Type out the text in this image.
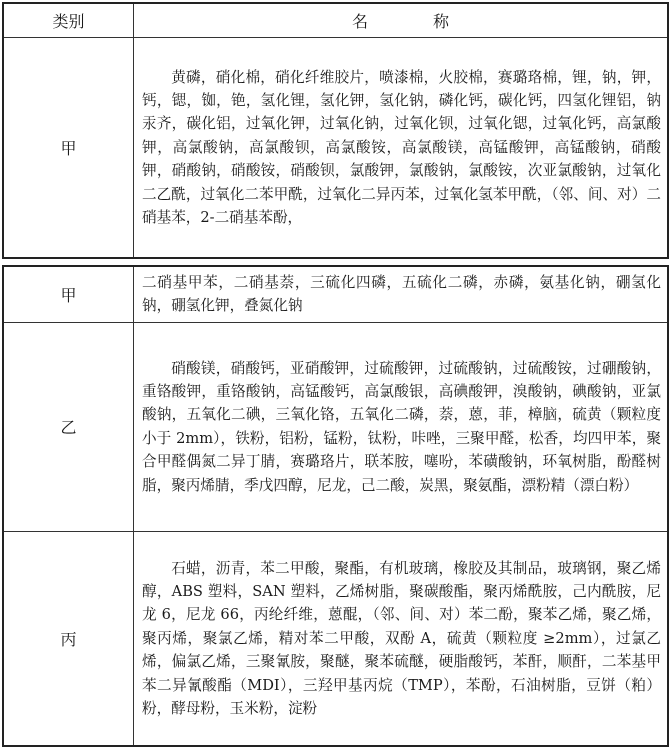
类别	名 称
甲	黄磷，硝化棉，硝化纤维胶片，喷漆棉，火胶棉，赛璐珞棉，锂，钠，钾，钙，锶，铷，铯，氢化锂，氢化钾，氢化钠，磷化钙，碳化钙，四氢化锂铝，钠汞齐，碳化铝，过氧化钾，过氧化钠，过氧化钡，过氧化锶，过氧化钙，高氯酸钾，高氯酸钠，高氯酸钡，高氯酸铵，高氯酸镁，高锰酸钾，高锰酸钠，硝酸钾，硝酸钠，硝酸铵，硝酸钡，氯酸钾，氯酸钠，氯酸铵，次亚氯酸钠，过氧化二乙酰，过氧化二苯甲酰，过氧化二异丙苯，过氧化氢苯甲酰，（邻、间、对）二硝基苯，2-二硝基苯酚，
甲	二硝基甲苯，二硝基萘，三硫化四磷，五硫化二磷，赤磷，氨基化钠，硼氢化钠，硼氢化钾，叠氮化钠
乙	硝酸镁，硝酸钙，亚硝酸钾，过硫酸钾，过硫酸钠，过硫酸铵，过硼酸钠，重铬酸钾，重铬酸钠，高锰酸钙，高氯酸银，高碘酸钾，溴酸钠，碘酸钠，亚氯酸钠，五氧化二碘，三氧化铬，五氧化二磷，萘，蒽，菲，樟脑，硫黄（颗粒度小于 2mm），铁粉，铝粉，锰粉，钛粉，咔唑，三聚甲醛，松香，均四甲苯，聚合甲醛偶氮二异丁腈，赛璐珞片，联苯胺，噻吩，苯磺酸钠，环氧树脂，酚醛树脂，聚丙烯腈，季戊四醇，尼龙，己二酸，炭黑，聚氨酯，漂粉精（漂白粉）
丙	石蜡，沥青，苯二甲酸，聚酯，有机玻璃，橡胶及其制品，玻璃钢，聚乙烯醇，ABS 塑料，SAN 塑料，乙烯树脂，聚碳酸酯，聚丙烯酰胺，己内酰胺，尼龙 6，尼龙 66，丙纶纤维，蒽醌，（邻、间、对）苯二酚，聚苯乙烯，聚乙烯，聚丙烯，聚氯乙烯，精对苯二甲酸，双酚 A，硫黄（颗粒度 ≥2mm），过氯乙烯，偏氯乙烯，三聚氰胺，聚醚，聚苯硫醚，硬脂酸钙，苯酐，顺酐，二苯基甲苯二异氰酸酯（MDI），三羟甲基丙烷（TMP），苯酚，石油树脂，豆饼（粕）粉，酵母粉，玉米粉，淀粉
